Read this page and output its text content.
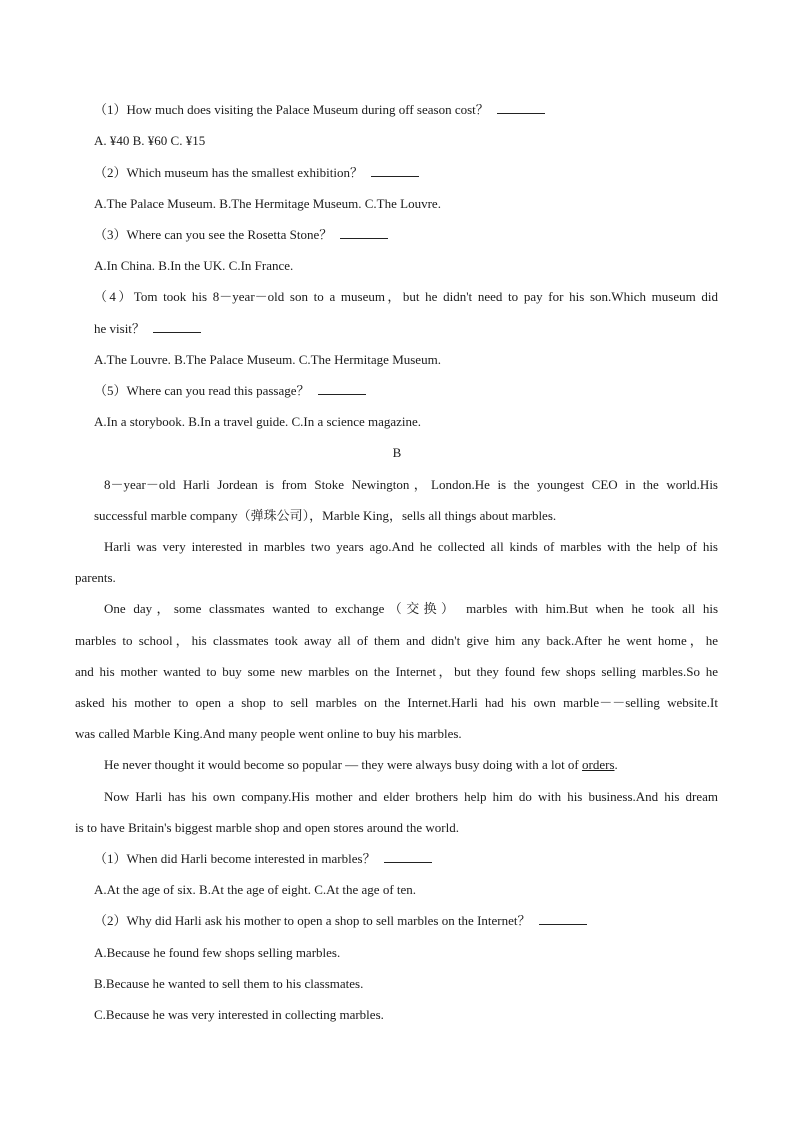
（1）How much does visiting the Palace Museum during off season cost？
A. ¥40 B. ¥60 C. ¥15
（2）Which museum has the smallest exhibition？
A.The Palace Museum. B.The Hermitage Museum. C.The Louvre.
（3）Where can you see the Rosetta Stone？
A.In China. B.In the UK. C.In France.
（4）Tom took his 8－year－old son to a museum，but he didn't need to pay for his son.Which museum did
he visit？
A.The Louvre. B.The Palace Museum. C.The Hermitage Museum.
（5）Where can you read this passage？
A.In a storybook. B.In a travel guide. C.In a science magazine.
B
8－year－old Harli Jordean is from Stoke Newington，London.He is the youngest CEO in the world.His
successful marble company（弹珠公司），Marble King，sells all things about marbles.
Harli was very interested in marbles two years ago.And he collected all kinds of marbles with the help of his
parents.
One day，some classmates wanted to exchange（交换） marbles with him.But when he took all his
marbles to school，his classmates took away all of them and didn't give him any back.After he went home，he
and his mother wanted to buy some new marbles on the Internet，but they found few shops selling marbles.So he
asked his mother to open a shop to sell marbles on the Internet.Harli had his own marble－－selling website.It
was called Marble King.And many people went online to buy his marbles.
He never thought it would become so popular — they were always busy doing with a lot of orders.
Now Harli has his own company.His mother and elder brothers help him do with his business.And his dream
is to have Britain's biggest marble shop and open stores around the world.
（1）When did Harli become interested in marbles？
A.At the age of six. B.At the age of eight. C.At the age of ten.
（2）Why did Harli ask his mother to open a shop to sell marbles on the Internet？
A.Because he found few shops selling marbles.
B.Because he wanted to sell them to his classmates.
C.Because he was very interested in collecting marbles.
